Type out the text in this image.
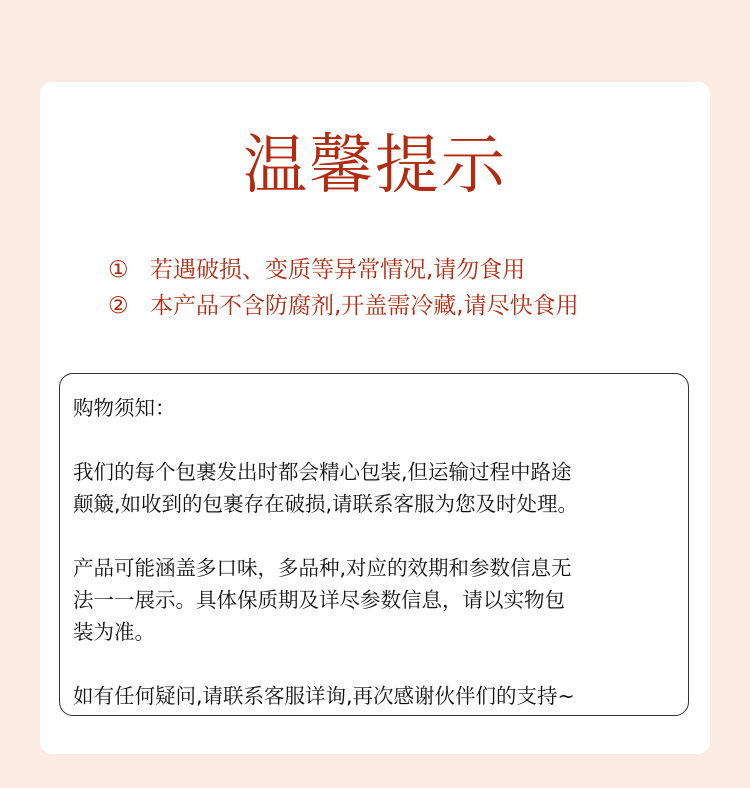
温馨提示
① 若遇破损、变质等异常情况,请勿食用
② 本产品不含防腐剂,开盖需冷藏,请尽快食用

购物须知：

我们的每个包裹发出时都会精心包装,但运输过程中路途
颠簸,如收到的包裹存在破损,请联系客服为您及时处理。

产品可能涵盖多口味，多品种,对应的效期和参数信息无
法一一展示。具体保质期及详尽参数信息，请以实物包
装为准。

如有任何疑问,请联系客服详询,再次感谢伙伴们的支持~
